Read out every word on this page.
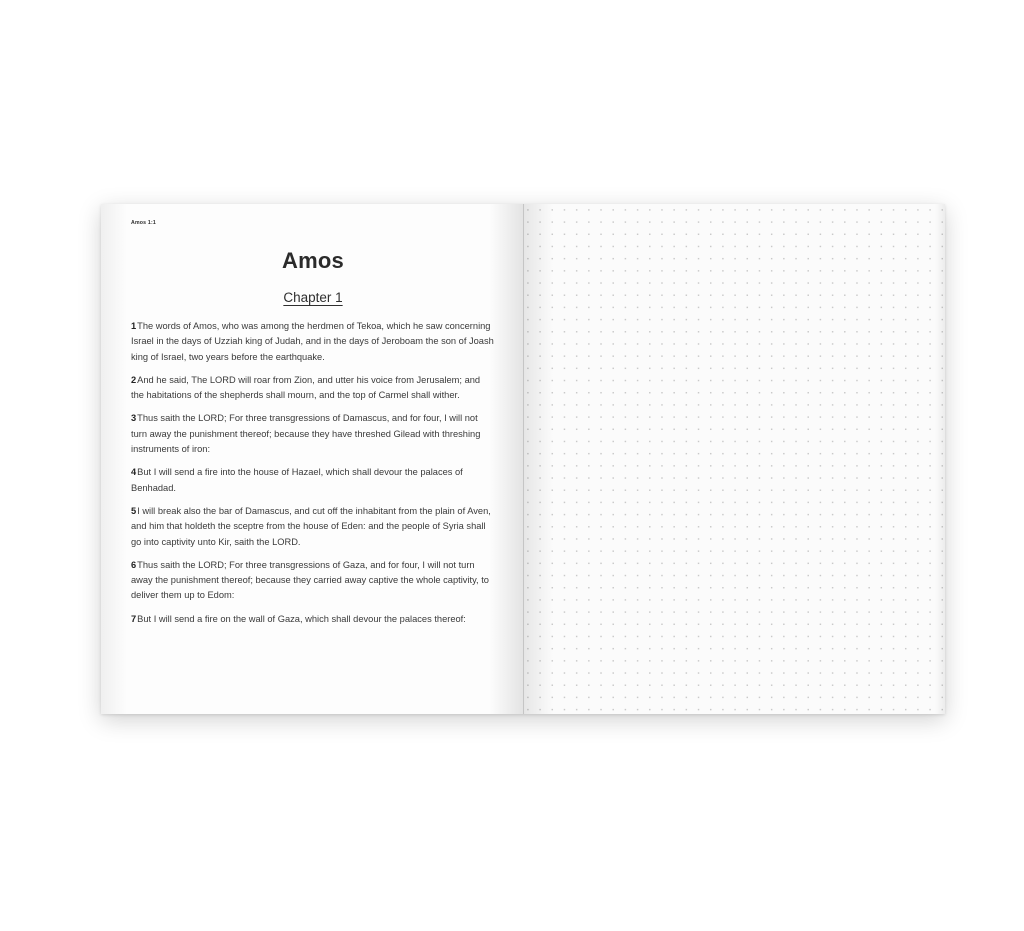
Amos 1:1
Amos
Chapter 1

1The words of Amos, who was among the herdmen of Tekoa, which he saw concerning Israel in the days of Uzziah king of Judah, and in the days of Jeroboam the son of Joash king of Israel, two years before the earthquake.

2And he said, The LORD will roar from Zion, and utter his voice from Jerusalem; and the habitations of the shepherds shall mourn, and the top of Carmel shall wither.

3Thus saith the LORD; For three transgressions of Damascus, and for four, I will not turn away the punishment thereof; because they have threshed Gilead with threshing instruments of iron:

4But I will send a fire into the house of Hazael, which shall devour the palaces of Benhadad.

5I will break also the bar of Damascus, and cut off the inhabitant from the plain of Aven, and him that holdeth the sceptre from the house of Eden: and the people of Syria shall go into captivity unto Kir, saith the LORD.

6Thus saith the LORD; For three transgressions of Gaza, and for four, I will not turn away the punishment thereof; because they carried away captive the whole captivity, to deliver them up to Edom:

7But I will send a fire on the wall of Gaza, which shall devour the palaces thereof:
